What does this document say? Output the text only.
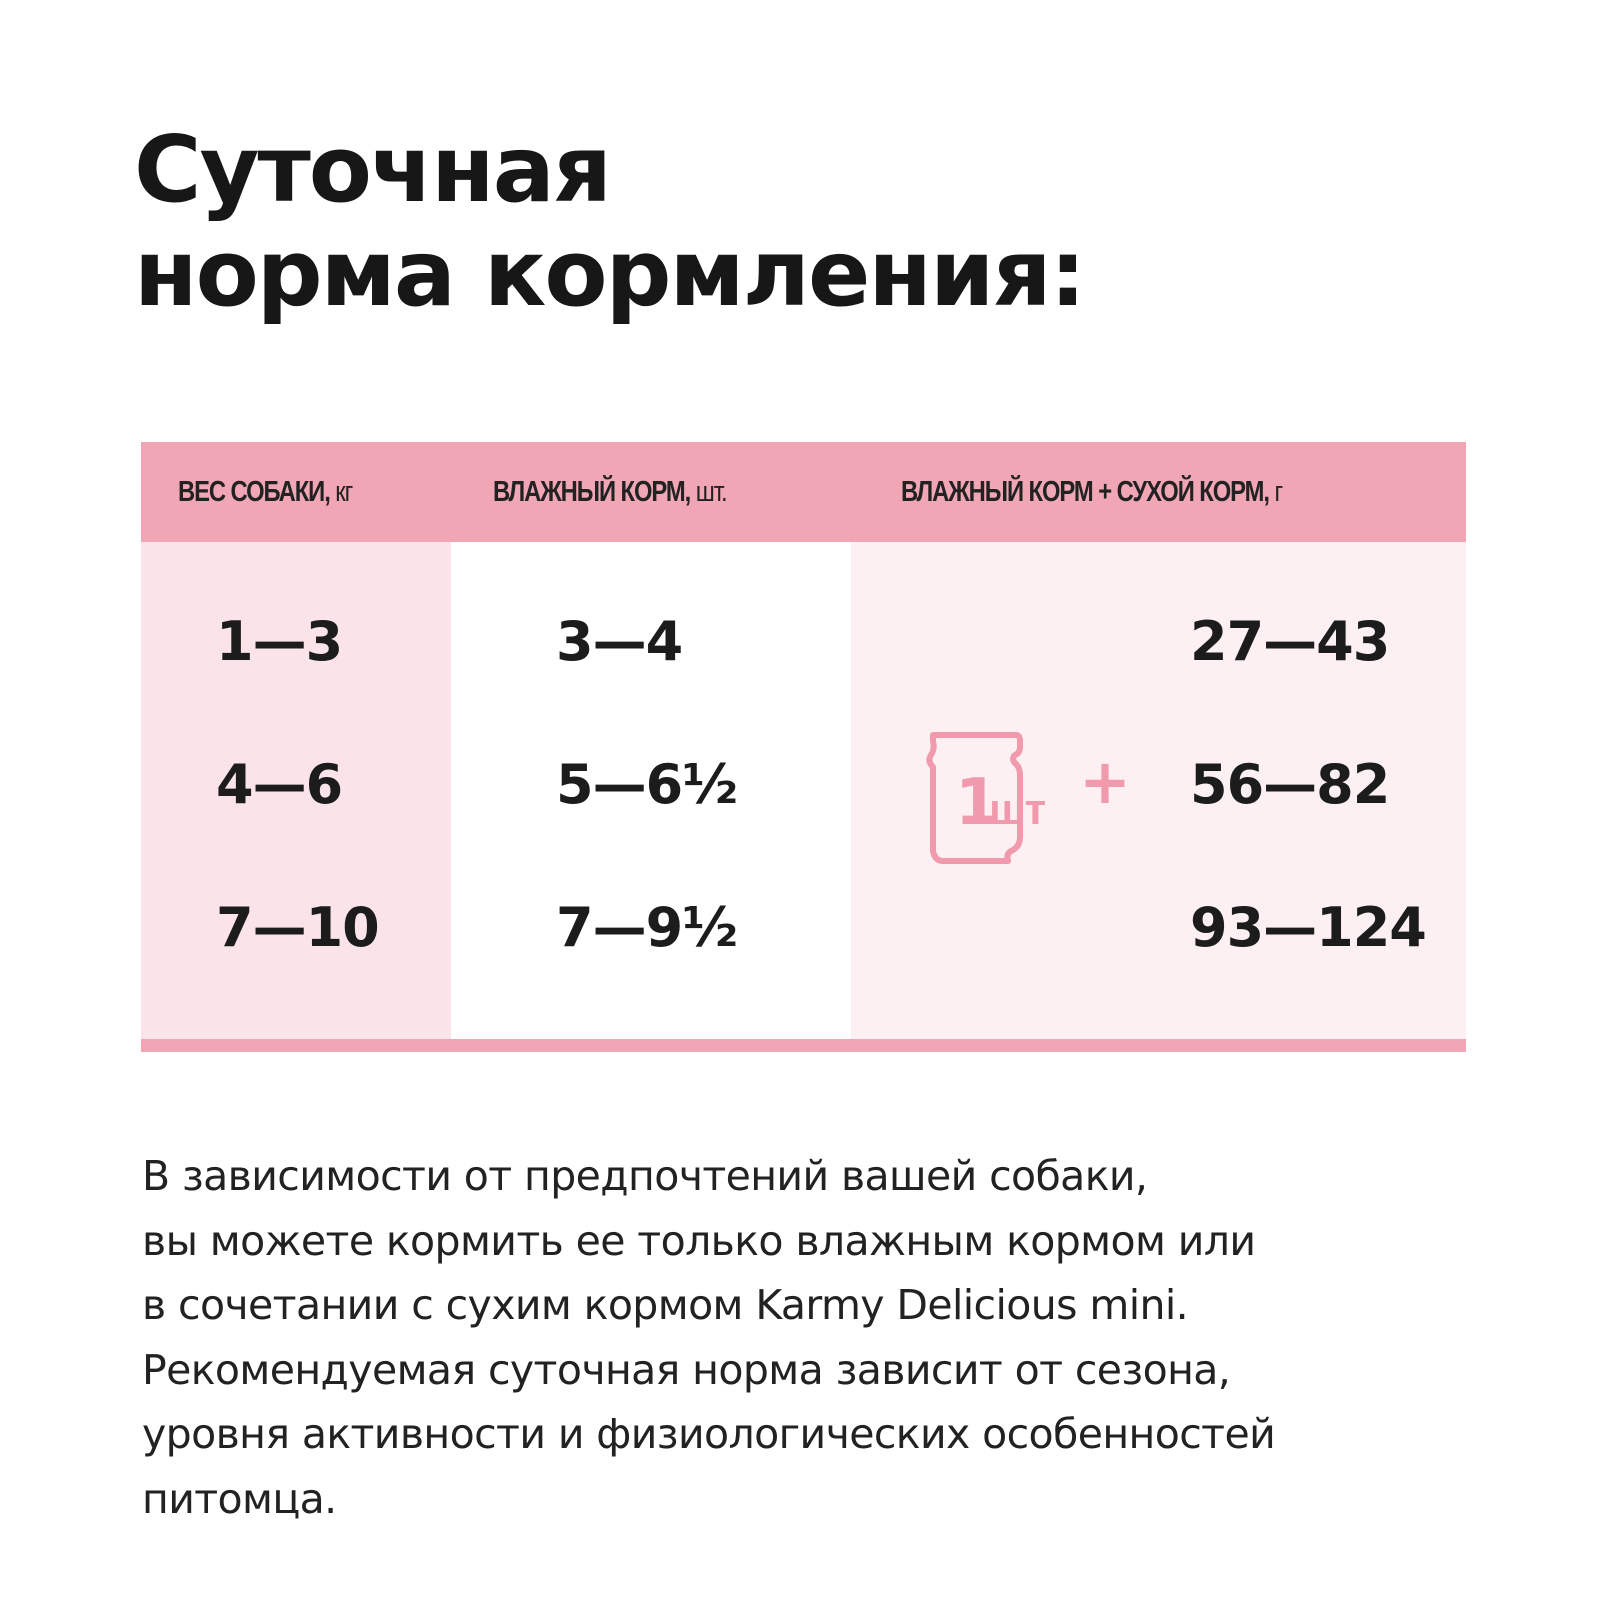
Суточная
норма кормления:
ВЕС СОБАКИ, кг	ВЛАЖНЫЙ КОРМ, шт.	ВЛАЖНЫЙ КОРМ + СУХОЙ КОРМ, г
1—3	3—4	27—43
4—6	5—6½	56—82
7—10	7—9½	93—124
1
шт +

В зависимости от предпочтений вашей собаки,
вы можете кормить ее только влажным кормом или
в сочетании с сухим кормом Karmy Delicious mini.
Рекомендуемая суточная норма зависит от сезона,
уровня активности и физиологических особенностей
питомца.
